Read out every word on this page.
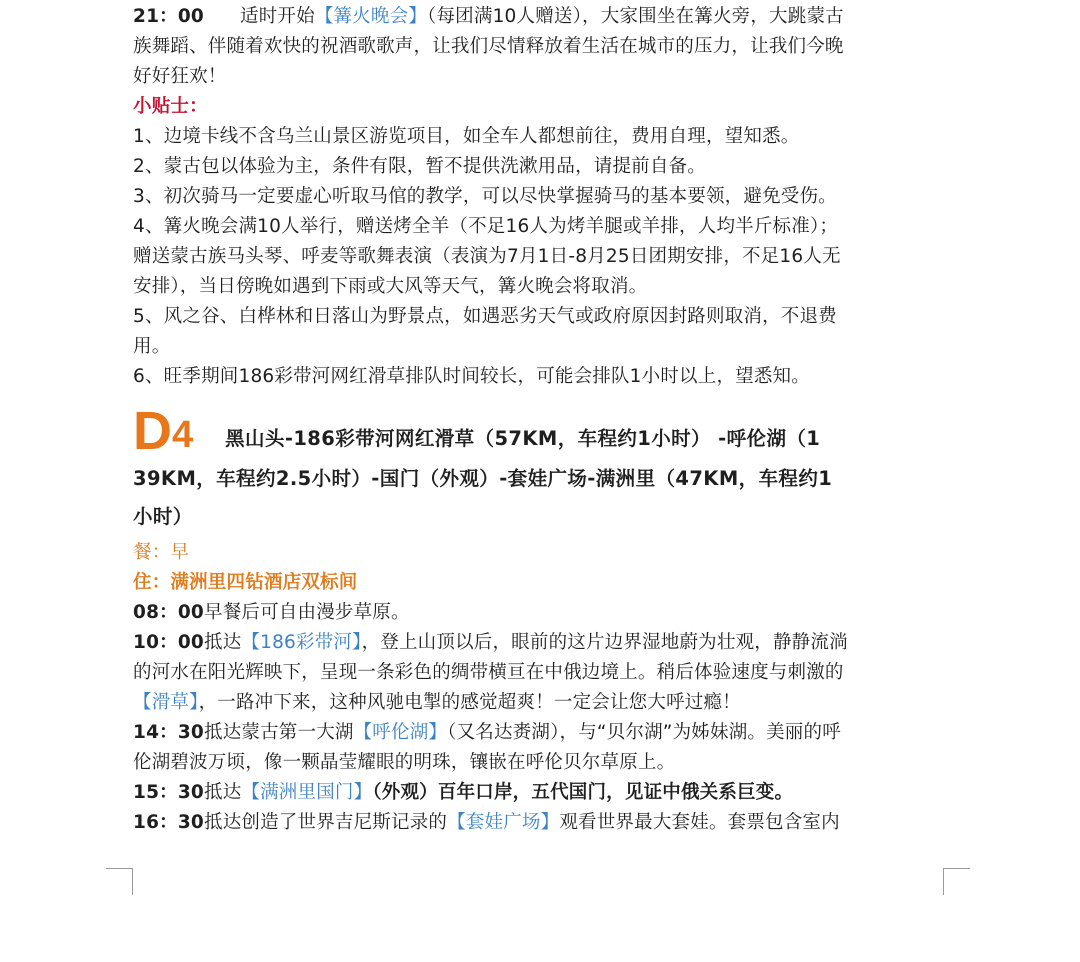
21：00 适时开始【篝火晚会】（每团满10人赠送），大家围坐在篝火旁，大跳蒙古
族舞蹈、伴随着欢快的祝酒歌歌声，让我们尽情释放着生活在城市的压力，让我们今晚
好好狂欢！
小贴士：
1、边境卡线不含乌兰山景区游览项目，如全车人都想前往，费用自理，望知悉。
2、蒙古包以体验为主，条件有限，暂不提供洗漱用品，请提前自备。
3、初次骑马一定要虚心听取马倌的教学，可以尽快掌握骑马的基本要领，避免受伤。
4、篝火晚会满10人举行，赠送烤全羊（不足16人为烤羊腿或羊排，人均半斤标准）；
赠送蒙古族马头琴、呼麦等歌舞表演（表演为7月1日-8月25日团期安排，不足16人无
安排），当日傍晚如遇到下雨或大风等天气，篝火晚会将取消。
5、风之谷、白桦林和日落山为野景点，如遇恶劣天气或政府原因封路则取消，不退费
用。
6、旺季期间186彩带河网红滑草排队时间较长，可能会排队1小时以上，望悉知。
D4 黑山头-186彩带河网红滑草（57KM，车程约1小时） -呼伦湖（1
39KM，车程约2.5小时）-国门（外观）-套娃广场-满洲里（47KM，车程约1
小时）
餐：早
住：满洲里四钻酒店双标间
08：00早餐后可自由漫步草原。
10：00抵达【186彩带河】，登上山顶以后，眼前的这片边界湿地蔚为壮观，静静流淌
的河水在阳光辉映下，呈现一条彩色的绸带横亘在中俄边境上。稍后体验速度与刺激的
【滑草】，一路冲下来，这种风驰电掣的感觉超爽！一定会让您大呼过瘾！
14：30抵达蒙古第一大湖【呼伦湖】（又名达赉湖），与“贝尔湖”为姊妹湖。美丽的呼
伦湖碧波万顷，像一颗晶莹耀眼的明珠，镶嵌在呼伦贝尔草原上。
15：30抵达【满洲里国门】（外观）百年口岸，五代国门，见证中俄关系巨变。
16：30抵达创造了世界吉尼斯记录的【套娃广场】观看世界最大套娃。套票包含室内
